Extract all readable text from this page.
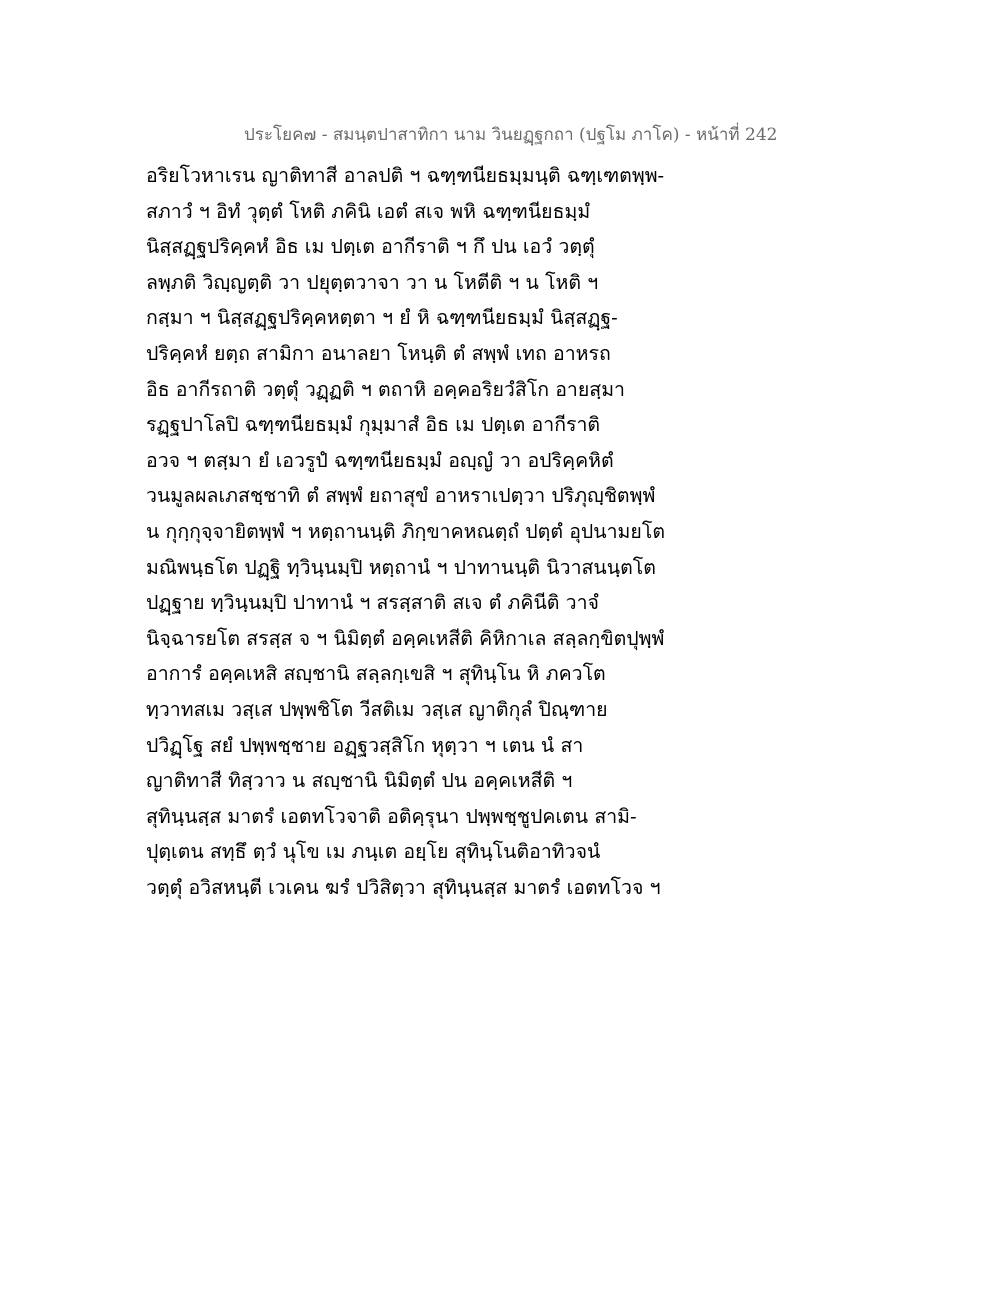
ประโยค๗ - สมนฺตปาสาทิกา นาม วินยฏฺฐกถา (ปฐโม ภาโค) - หน้าที่ 242
อริยโวหาเรน ญาติทาสี อาลปติ ฯ ฉฑฺฑนียธมฺมนฺติ ฉฑฺเฑตพฺพ-
สภาวํ ฯ อิทํ วุตฺตํ โหติ ภคินิ เอตํ สเจ พหิ ฉฑฺฑนียธมฺมํ
นิสฺสฏฺฐปริคฺคหํ อิธ เม ปตฺเต อากีราติ ฯ กึ ปน เอวํ วตฺตุํ
ลพฺภติ วิญฺญตฺติ วา ปยุตฺตวาจา วา น โหตีติ ฯ น โหติ ฯ
กสฺมา ฯ นิสฺสฏฺฐปริคฺคหตฺตา ฯ ยํ หิ ฉฑฺฑนียธมฺมํ นิสฺสฏฺฐ-
ปริคฺคหํ ยตฺถ สามิกา อนาลยา โหนฺติ ตํ สพฺพํ เทถ อาหรถ
อิธ อากีรถาติ วตฺตุํ วฏฺฏติ ฯ ตถาหิ อคฺคอริยวํสิโก อายสฺมา
รฏฺฐปาโลปิ ฉฑฺฑนียธมฺมํ กุมฺมาสํ อิธ เม ปตฺเต อากีราติ
อวจ ฯ ตสฺมา ยํ เอวรูปํ ฉฑฺฑนียธมฺมํ อญฺญํ วา อปริคฺคหิตํ
วนมูลผลเภสชฺชาทิ ตํ สพฺพํ ยถาสุขํ อาหราเปตฺวา ปริภุญฺชิตพฺพํ
น กุกฺกุจฺจายิตพฺพํ ฯ หตฺถานนฺติ ภิกฺขาคหณตฺถํ ปตฺตํ อุปนามยโต
มณิพนฺธโต ปฏฺฐิ ทฺวินฺนมฺปิ หตฺถานํ ฯ ปาทานนฺติ นิวาสนนฺตโต
ปฏฺฐาย ทฺวินฺนมฺปิ ปาทานํ ฯ สรสฺสาติ สเจ ตํ ภคินีติ วาจํ
นิจฺฉารยโต สรสฺส จ ฯ นิมิตฺตํ อคฺคเหสีติ คิหิกาเล สลฺลกฺขิตปุพฺพํ
อาการํ อคฺคเหสิ สญฺชานิ สลฺลกฺเขสิ ฯ สุทินฺโน หิ ภควโต
ทฺวาทสเม วสฺเส ปพฺพชิโต วีสติเม วสฺเส ญาติกุลํ ปิณฺฑาย
ปวิฏฺโฐ สยํ ปพฺพชฺชาย อฏฺฐวสฺสิโก หุตฺวา ฯ เตน นํ สา
ญาติทาสี ทิสฺวาว น สญฺชานิ นิมิตฺตํ ปน อคฺคเหสีติ ฯ
สุทินฺนสฺส มาตรํ เอตทโวจาติ อติคฺรุนา ปพฺพชฺชูปคเตน สามิ-
ปุตฺเตน สทฺธึ ตฺวํ นุโข เม ภนฺเต อยฺโย สุทินฺโนติอาทิวจนํ
วตฺตุํ อวิสหนฺตี เวเคน ฆรํ ปวิสิตฺวา สุทินฺนสฺส มาตรํ เอตทโวจ ฯ
